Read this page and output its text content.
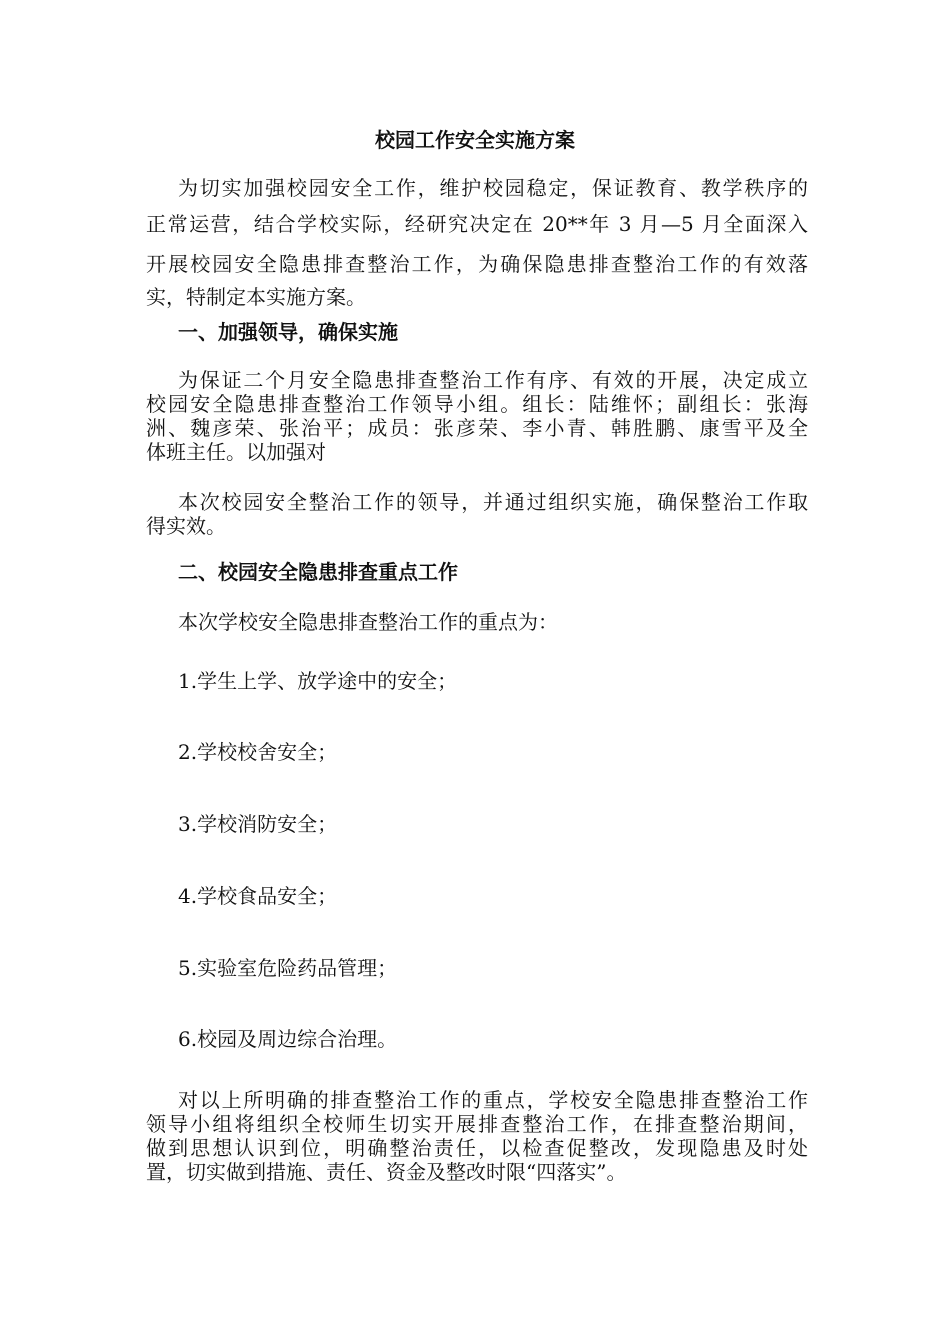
校园工作安全实施方案
为切实加强校园安全工作，维护校园稳定，保证教育、教学秩序的
正常运营，结合学校实际，经研究决定在 20**年 3 月—5 月全面深入
开展校园安全隐患排查整治工作，为确保隐患排查整治工作的有效落
实，特制定本实施方案。
一、加强领导，确保实施
为保证二个月安全隐患排查整治工作有序、有效的开展，决定成立
校园安全隐患排查整治工作领导小组。组长：陆维怀；副组长：张海
洲、魏彦荣、张治平；成员：张彦荣、李小青、韩胜鹏、康雪平及全
体班主任。以加强对
本次校园安全整治工作的领导，并通过组织实施，确保整治工作取
得实效。
二、校园安全隐患排查重点工作
本次学校安全隐患排查整治工作的重点为：
1.学生上学、放学途中的安全；
2.学校校舍安全；
3.学校消防安全；
4.学校食品安全；
5.实验室危险药品管理；
6.校园及周边综合治理。
对以上所明确的排查整治工作的重点，学校安全隐患排查整治工作
领导小组将组织全校师生切实开展排查整治工作，在排查整治期间，
做到思想认识到位，明确整治责任，以检查促整改，发现隐患及时处
置，切实做到措施、责任、资金及整改时限“四落实”。
